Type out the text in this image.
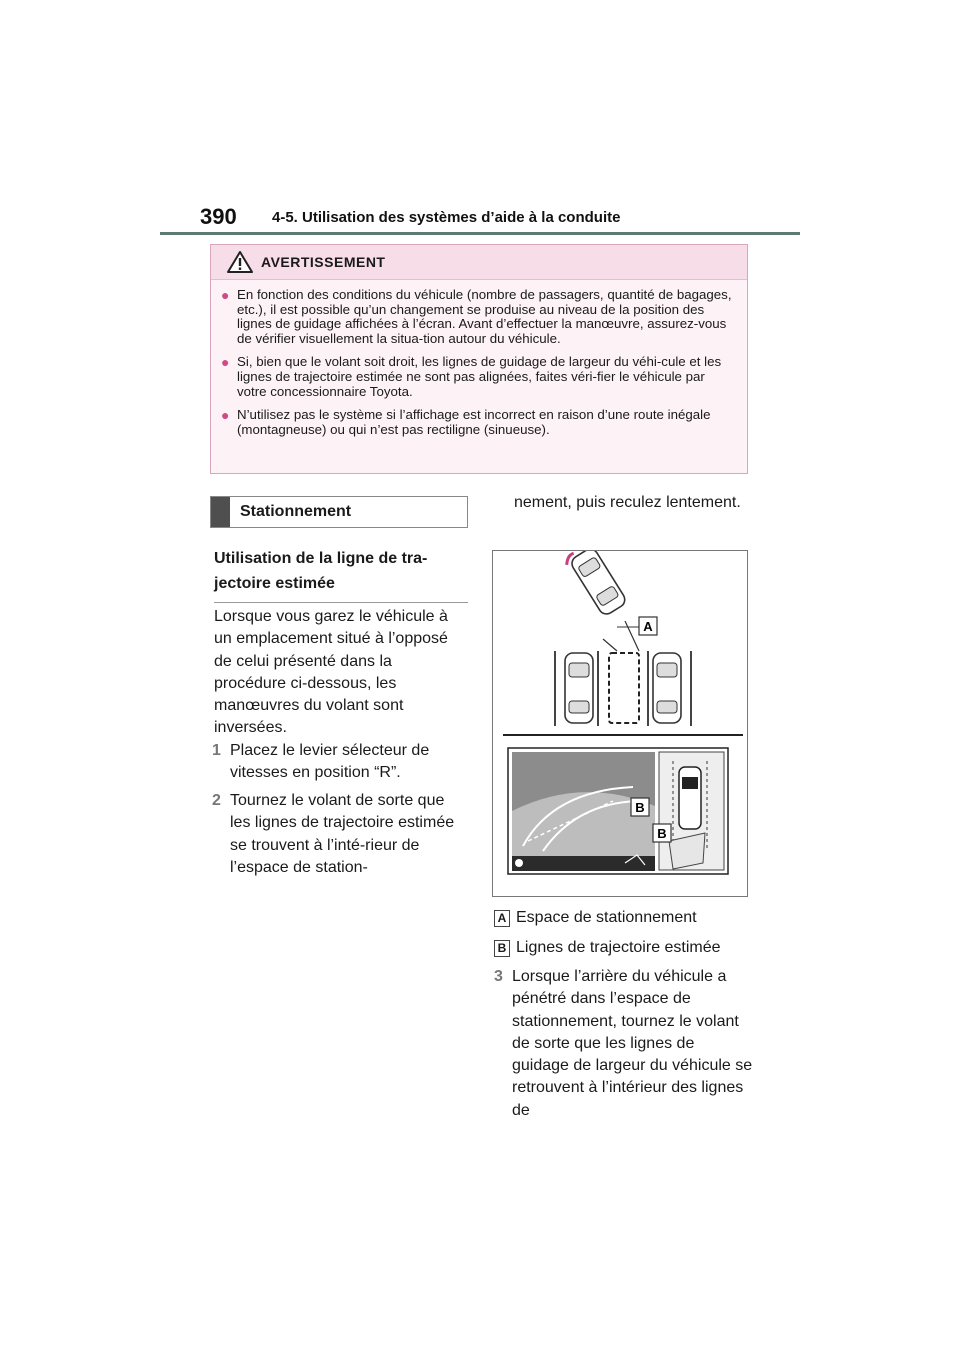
390 4-5. Utilisation des systèmes d’aide à la conduite
AVERTISSEMENT
● En fonction des conditions du véhicule (nombre de passagers, quantité de bagages, etc.), il est possible qu’un changement se produise au niveau de la position des lignes de guidage affichées à l’écran. Avant d’effectuer la manœuvre, assurez-vous de vérifier visuellement la situa-tion autour du véhicule.
● Si, bien que le volant soit droit, les lignes de guidage de largeur du véhi-cule et les lignes de trajectoire estimée ne sont pas alignées, faites véri-fier le véhicule par votre concessionnaire Toyota.
● N’utilisez pas le système si l’affichage est incorrect en raison d’une route inégale (montagneuse) ou qui n’est pas rectiligne (sinueuse).
Stationnement
Utilisation de la ligne de tra-jectoire estimée
Lorsque vous garez le véhicule à un emplacement situé à l’opposé de celui présenté dans la procédure ci-dessous, les manœuvres du volant sont inversées.
1 Placez le levier sélecteur de vitesses en position “R”.
2 Tournez le volant de sorte que les lignes de trajectoire estimée se trouvent à l’inté-rieur de l’espace de station-
nement, puis reculez lentement.
A
B
B
A Espace de stationnement
B Lignes de trajectoire estimée
3 Lorsque l’arrière du véhicule a pénétré dans l’espace de stationnement, tournez le volant de sorte que les lignes de guidage de largeur du véhicule se retrouvent à l’intérieur des lignes de
